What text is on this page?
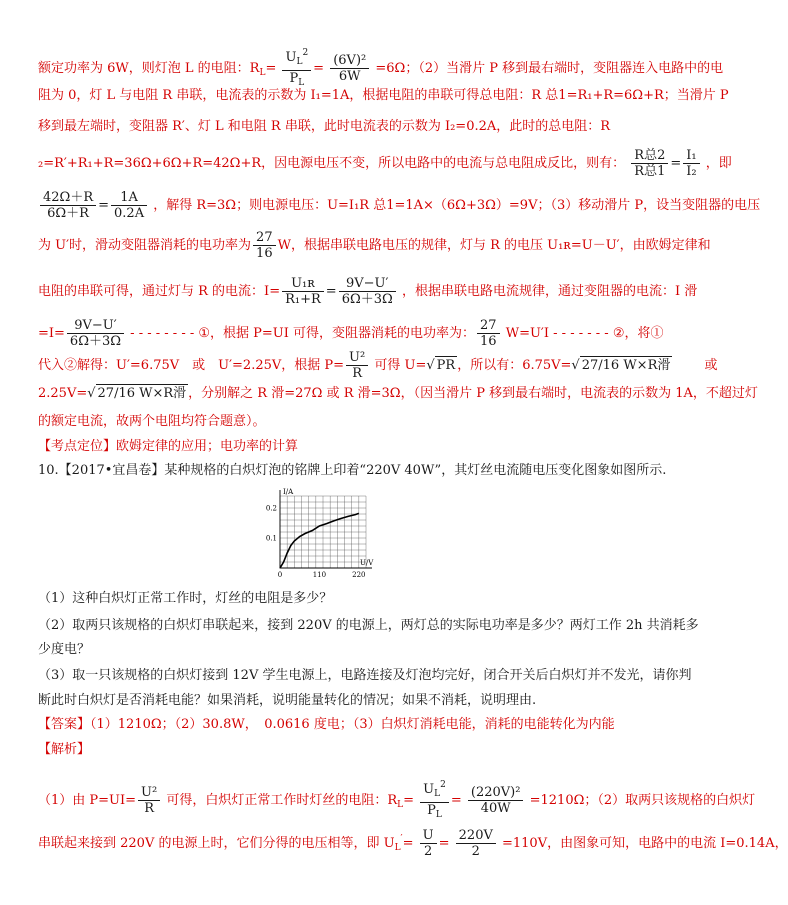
额定功率为 6W，则灯泡 L 的电阻：$R_L= \frac{U_L^2}{P_L} = \frac{\text{(6V)²}}{6W} =6\Omega$；（2）当滑片 P 移到最右端时，变阻器连入电路中的电
阻为 0，灯 L 与电阻 R 串联，电流表的示数为 I₁=1A，根据电阻的串联可得总电阻：R 总1=R₁+R=6Ω+R；当滑片 P
移到最左端时，变阻器 R′、灯 L 和电阻 R 串联，此时电流表的示数为 I₂=0.2A，此时的总电阻：R
₂=R′+R₁+R=36Ω+6Ω+R=42Ω+R，因电源电压不变，所以电路中的电流与总电阻成反比，则有： $\frac{\text{R总2}}{\text{R总1}} = \frac{\text{I₁}}{\text{I₂}}$ ，即
$\frac{42\Omega+R}{6\Omega+R} = \frac{1A}{0.2A}$ ，解得 R=3Ω；则电源电压：U=I₁R 总1=1A×（6Ω+3Ω）=9V；（3）移动滑片 P，设当变阻器的电压
为 U′时，滑动变阻器消耗的电功率为 $\frac{27}{16}$ W，根据串联电路电压的规律，灯与 R 的电压 U₁ʀ=U－U′，由欧姆定律和
电阻的串联可得，通过灯与 R 的电流：$I= \frac{\text{U₁ʀ}}{\text{R₁+R}} = \frac{9V-U'}{6\Omega+3\Omega}$ ，根据串联电路电流规律，通过变阻器的电流：I 滑
$=I= \frac{9V-U'}{6\Omega+3\Omega}$ - - - - - - - - ①，根据 P=UI 可得，变阻器消耗的电功率为： $\frac{27}{16} W=U'I$ - - - - - - - ②，将①
代入②解得：U′=6.75V　或　U′=2.25V，根据 $P= \frac{\text{U²}}{R}$ 可得 U=√ PR ，所以有：6.75V=√ 27/16 W×R滑	或
2.25V=√ 27/16 W×R滑 ，分别解之 R 滑=27Ω 或 R 滑=3Ω，（因当滑片 P 移到最右端时，电流表的示数为 1A，不超过灯
的额定电流，故两个电阻均符合题意）。
【考点定位】欧姆定律的应用；电功率的计算
10.【2017•宜昌卷】某种规格的白炽灯泡的铭牌上印着“220V 40W”，其灯丝电流随电压变化图象如图所示.
0	110	220
0.1
0.2
I/A
U/V
（1）这种白炽灯正常工作时，灯丝的电阻是多少？
（2）取两只该规格的白炽灯串联起来，接到 220V 的电源上，两灯总的实际电功率是多少？两灯工作 2h 共消耗多
少度电？
（3）取一只该规格的白炽灯接到 12V 学生电源上，电路连接及灯泡均完好，闭合开关后白炽灯并不发光，请你判
断此时白炽灯是否消耗电能？如果消耗，说明能量转化的情况；如果不消耗，说明理由.
【答案】（1）1210Ω；（2）30.8W，　0.0616 度电；（3）白炽灯消耗电能，消耗的电能转化为内能
【解析】
（1）由 $P=UI= \frac{\text{U²}}{R}$ 可得，白炽灯正常工作时灯丝的电阻：$R_L= \frac{U_L^2}{P_L} = \frac{\text{(220V)²}}{40W} =1210\Omega$；（2）取两只该规格的白炽灯
串联起来接到 220V 的电源上时，它们分得的电压相等，即 $U_L'= \frac{U}{2} = \frac{220V}{2} =110V$，由图象可知，电路中的电流 I=0.14A，
